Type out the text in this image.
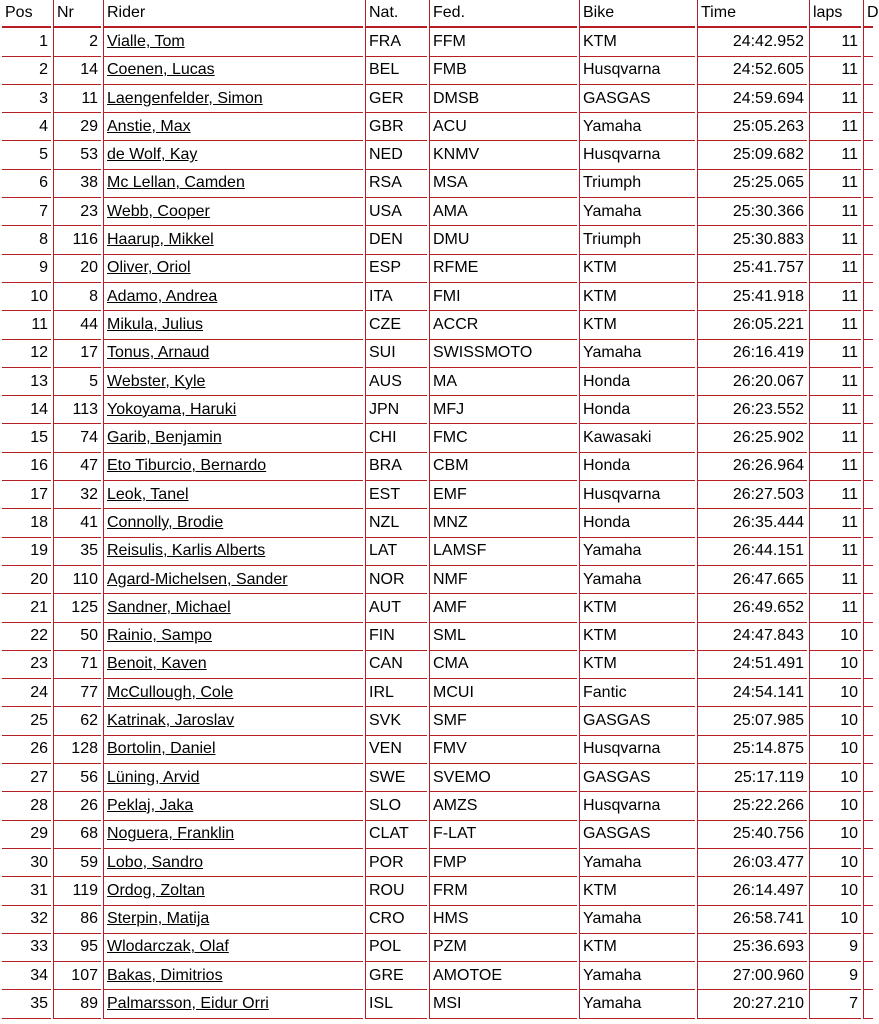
Pos	Nr	Rider	Nat.	Fed.	Bike	Time	laps	D
1	2	Vialle, Tom	FRA	FFM	KTM	24:42.952	11	
2	14	Coenen, Lucas	BEL	FMB	Husqvarna	24:52.605	11	
3	11	Laengenfelder, Simon	GER	DMSB	GASGAS	24:59.694	11	
4	29	Anstie, Max	GBR	ACU	Yamaha	25:05.263	11	
5	53	de Wolf, Kay	NED	KNMV	Husqvarna	25:09.682	11	
6	38	Mc Lellan, Camden	RSA	MSA	Triumph	25:25.065	11	
7	23	Webb, Cooper	USA	AMA	Yamaha	25:30.366	11	
8	116	Haarup, Mikkel	DEN	DMU	Triumph	25:30.883	11	
9	20	Oliver, Oriol	ESP	RFME	KTM	25:41.757	11	
10	8	Adamo, Andrea	ITA	FMI	KTM	25:41.918	11	
11	44	Mikula, Julius	CZE	ACCR	KTM	26:05.221	11	
12	17	Tonus, Arnaud	SUI	SWISSMOTO	Yamaha	26:16.419	11	
13	5	Webster, Kyle	AUS	MA	Honda	26:20.067	11	
14	113	Yokoyama, Haruki	JPN	MFJ	Honda	26:23.552	11	
15	74	Garib, Benjamin	CHI	FMC	Kawasaki	26:25.902	11	
16	47	Eto Tiburcio, Bernardo	BRA	CBM	Honda	26:26.964	11	
17	32	Leok, Tanel	EST	EMF	Husqvarna	26:27.503	11	
18	41	Connolly, Brodie	NZL	MNZ	Honda	26:35.444	11	
19	35	Reisulis, Karlis Alberts	LAT	LAMSF	Yamaha	26:44.151	11	
20	110	Agard-Michelsen, Sander	NOR	NMF	Yamaha	26:47.665	11	
21	125	Sandner, Michael	AUT	AMF	KTM	26:49.652	11	
22	50	Rainio, Sampo	FIN	SML	KTM	24:47.843	10	
23	71	Benoit, Kaven	CAN	CMA	KTM	24:51.491	10	
24	77	McCullough, Cole	IRL	MCUI	Fantic	24:54.141	10	
25	62	Katrinak, Jaroslav	SVK	SMF	GASGAS	25:07.985	10	
26	128	Bortolin, Daniel	VEN	FMV	Husqvarna	25:14.875	10	
27	56	Lüning, Arvid	SWE	SVEMO	GASGAS	25:17.119	10	
28	26	Peklaj, Jaka	SLO	AMZS	Husqvarna	25:22.266	10	
29	68	Noguera, Franklin	CLAT	F-LAT	GASGAS	25:40.756	10	
30	59	Lobo, Sandro	POR	FMP	Yamaha	26:03.477	10	
31	119	Ordog, Zoltan	ROU	FRM	KTM	26:14.497	10	
32	86	Sterpin, Matija	CRO	HMS	Yamaha	26:58.741	10	
33	95	Wlodarczak, Olaf	POL	PZM	KTM	25:36.693	9	
34	107	Bakas, Dimitrios	GRE	AMOTOE	Yamaha	27:00.960	9	
35	89	Palmarsson, Eidur Orri	ISL	MSI	Yamaha	20:27.210	7	
